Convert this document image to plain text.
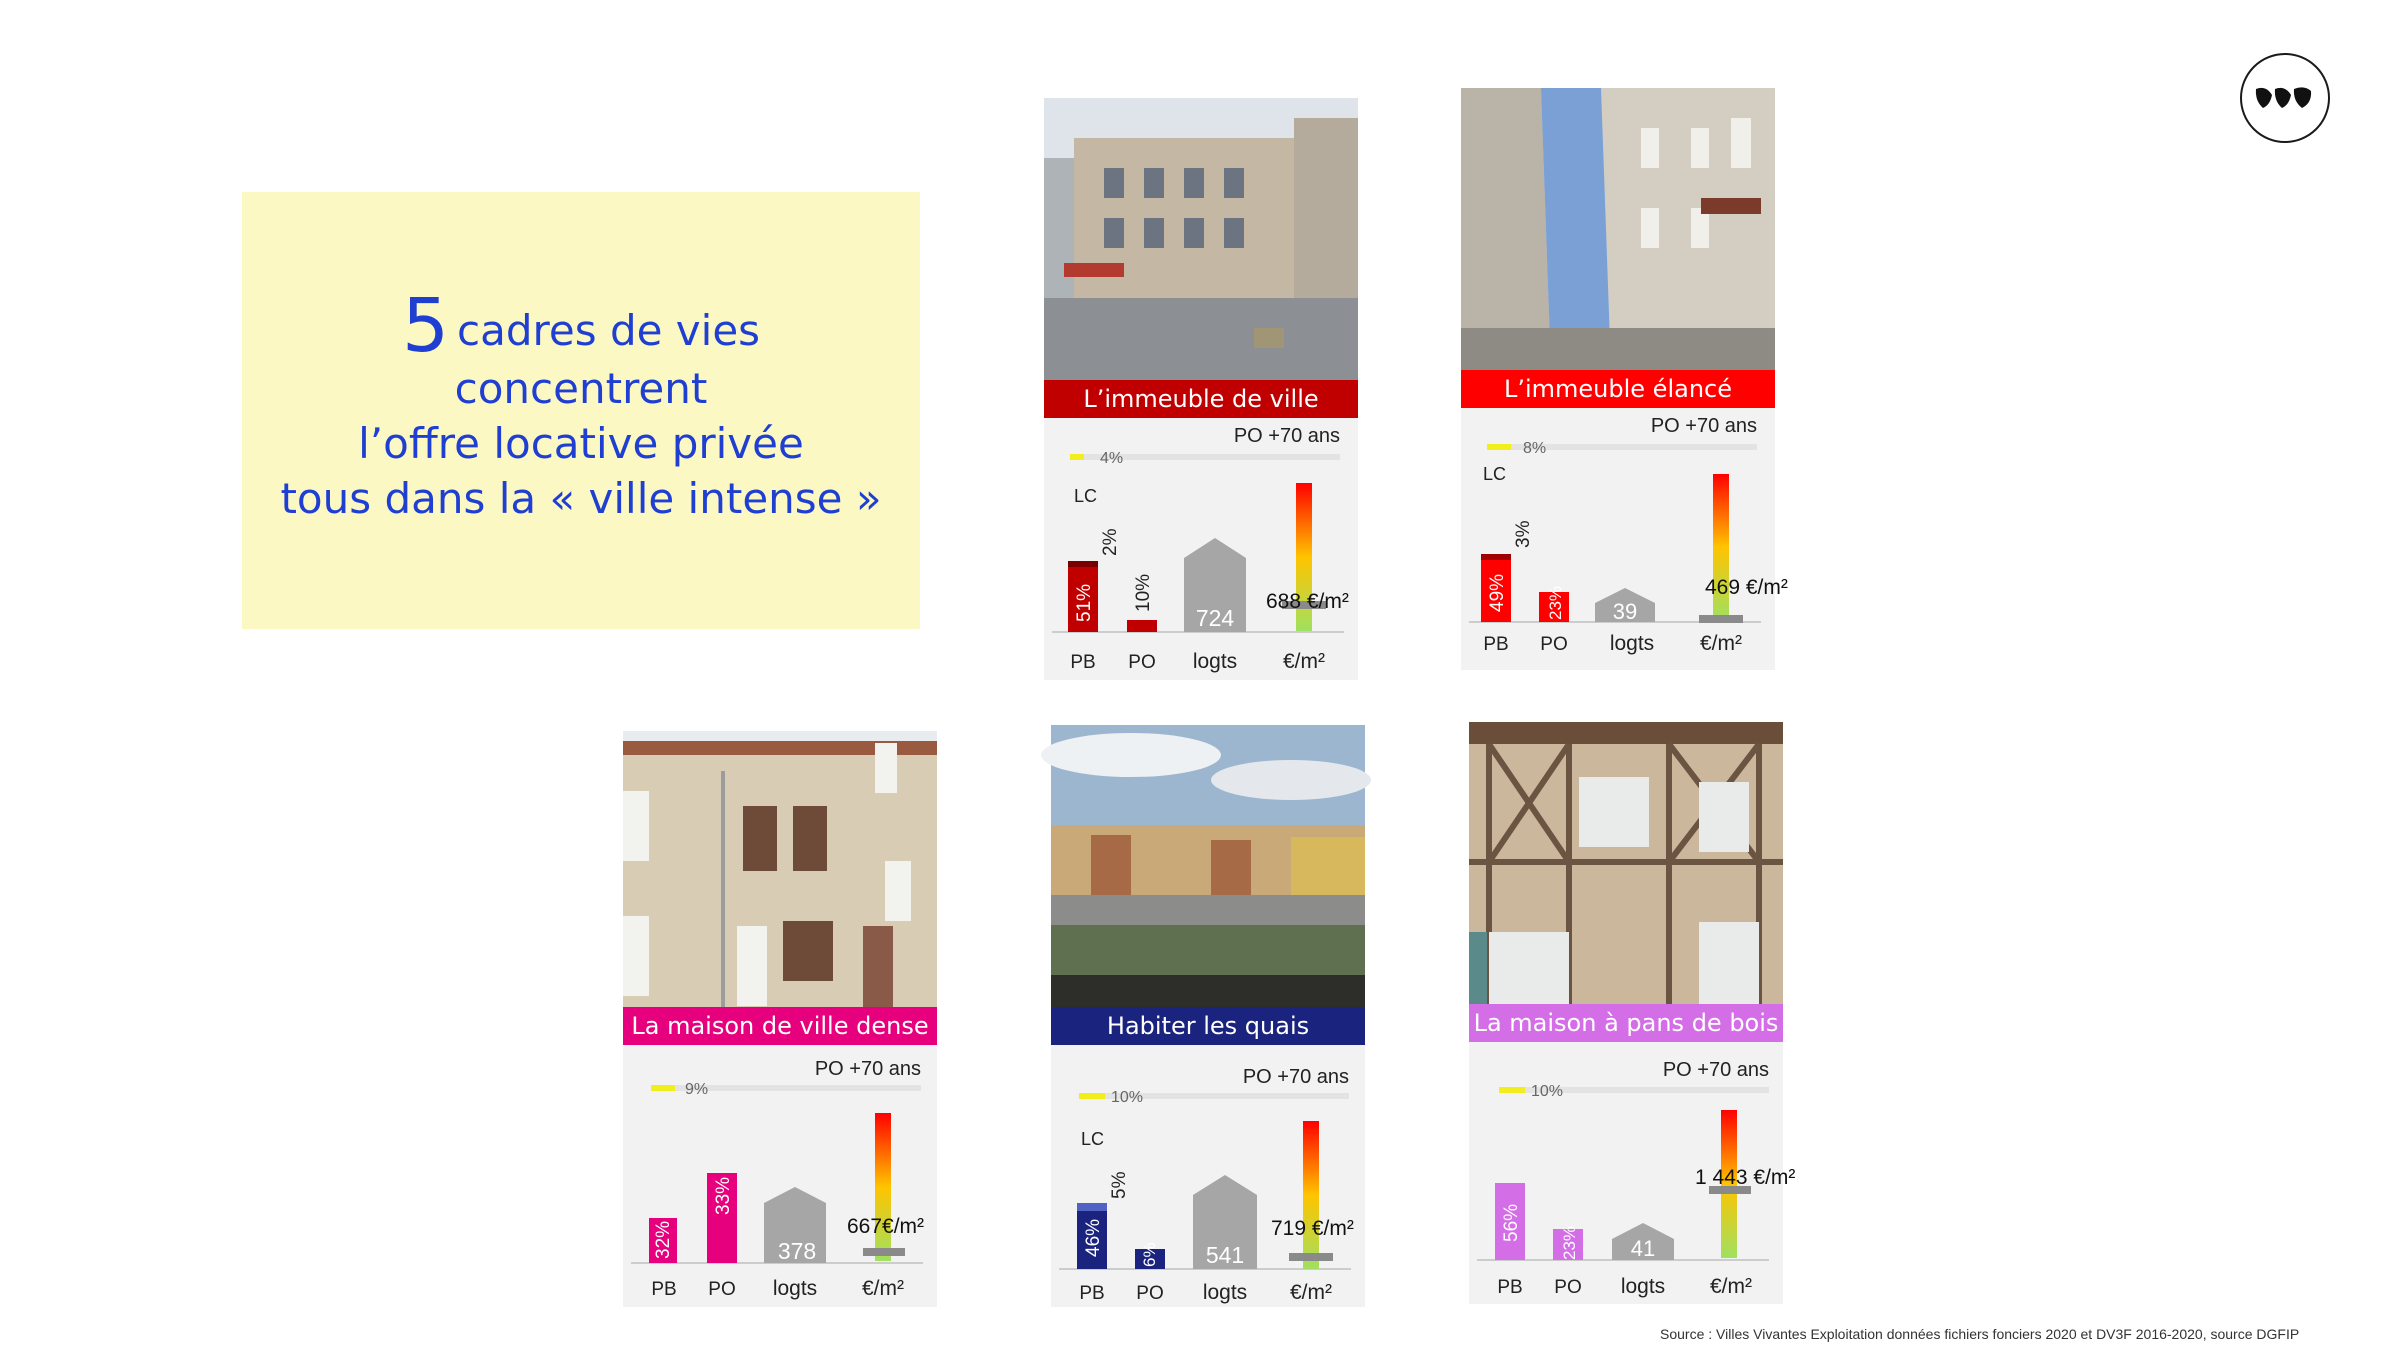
5 cadres de vies
concentrent
l’offre locative privée
tous dans la « ville intense »
L’immeuble de ville
4%
PO +70 ans
LC
51%
2%
10%
724
688 €/m²
PB PO logts €/m²
L’immeuble élancé
8%
PO +70 ans
LC
49%
3%
23% 39
469 €/m²
PB PO logts €/m²
La maison de ville dense
9%
PO +70 ans
32%
33%
378
667€/m²
PB PO logts €/m²
Habiter les quais
10%
PO +70 ans
LC
46%
5%
6% 541
719 €/m²
PB PO logts €/m²
La maison à pans de bois
10%
PO +70 ans
56%
23% 41
1 443 €/m²
PB PO logts €/m²
Source : Villes Vivantes Exploitation données fichiers fonciers 2020 et DV3F 2016-2020, source DGFIP
